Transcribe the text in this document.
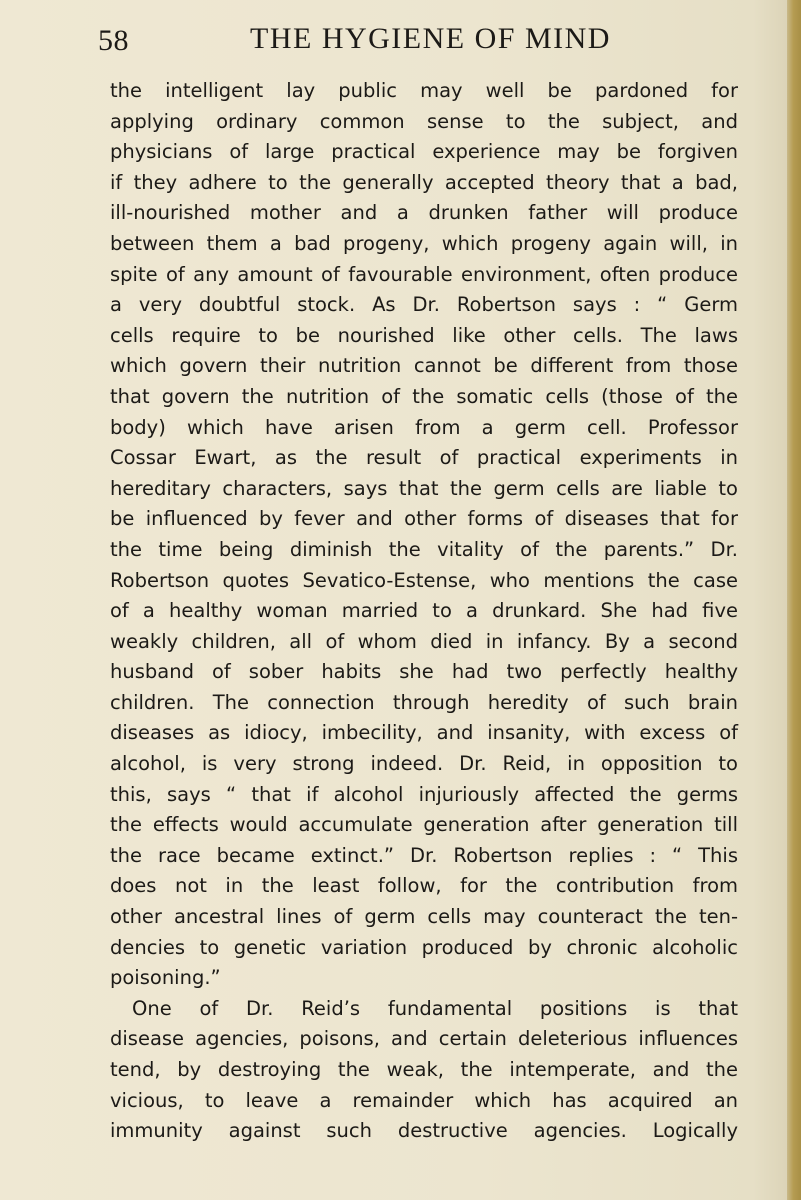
58	THE HYGIENE OF MIND
the intelligent lay public may well be pardoned for
applying ordinary common sense to the subject, and
physicians of large practical experience may be forgiven
if they adhere to the generally accepted theory that a bad,
ill-nourished mother and a drunken father will produce
between them a bad progeny, which progeny again will, in
spite of any amount of favourable environment, often produce
a very doubtful stock. As Dr. Robertson says : “ Germ
cells require to be nourished like other cells. The laws
which govern their nutrition cannot be different from those
that govern the nutrition of the somatic cells (those of the
body) which have arisen from a germ cell. Professor
Cossar Ewart, as the result of practical experiments in
hereditary characters, says that the germ cells are liable to
be influenced by fever and other forms of diseases that for
the time being diminish the vitality of the parents.” Dr.
Robertson quotes Sevatico-Estense, who mentions the case
of a healthy woman married to a drunkard. She had five
weakly children, all of whom died in infancy. By a second
husband of sober habits she had two perfectly healthy
children. The connection through heredity of such brain
diseases as idiocy, imbecility, and insanity, with excess of
alcohol, is very strong indeed. Dr. Reid, in opposition to
this, says “ that if alcohol injuriously affected the germs
the effects would accumulate generation after generation till
the race became extinct.” Dr. Robertson replies : “ This
does not in the least follow, for the contribution from
other ancestral lines of germ cells may counteract the ten-
dencies to genetic variation produced by chronic alcoholic
poisoning.”
One of Dr. Reid’s fundamental positions is that
disease agencies, poisons, and certain deleterious influences
tend, by destroying the weak, the intemperate, and the
vicious, to leave a remainder which has acquired an
immunity against such destructive agencies. Logically
